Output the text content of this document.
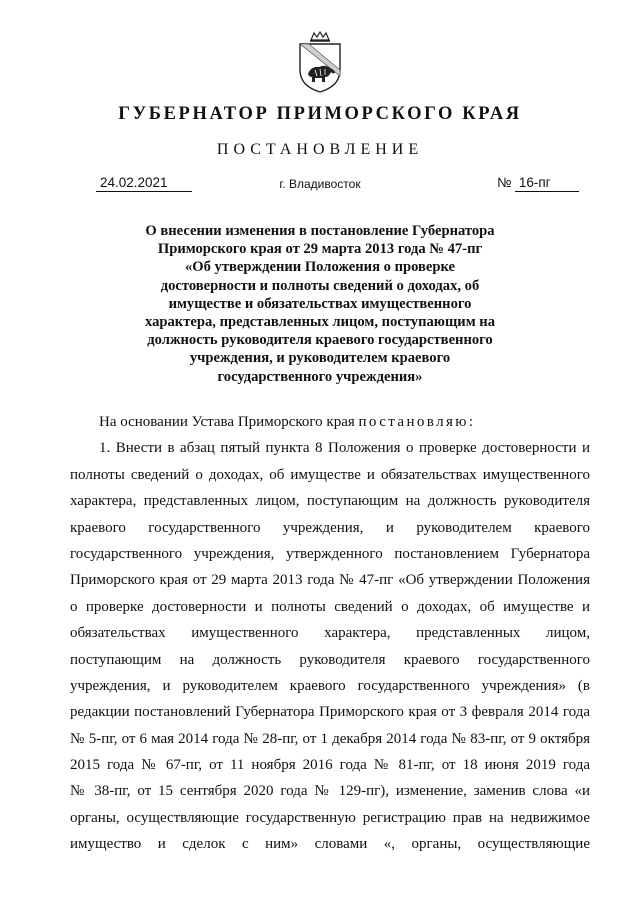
ГУБЕРНАТОР ПРИМОРСКОГО КРАЯ
ПОСТАНОВЛЕНИЕ
24.02.2021	г. Владивосток	№ 16-пг
О внесении изменения в постановление Губернатора
Приморского края от 29 марта 2013 года № 47-пг
«Об утверждении Положения о проверке
достоверности и полноты сведений о доходах, об
имуществе и обязательствах имущественного
характера, представленных лицом, поступающим на
должность руководителя краевого государственного
учреждения, и руководителем краевого
государственного учреждения»
На основании Устава Приморского края постановляю:
1. Внести в абзац пятый пункта 8 Положения о проверке достоверности и
полноты сведений о доходах, об имуществе и обязательствах имущественного
характера, представленных лицом, поступающим на должность руководителя
краевого государственного учреждения, и руководителем краевого
государственного учреждения, утвержденного постановлением Губернатора
Приморского края от 29 марта 2013 года № 47-пг «Об утверждении Положения
о проверке достоверности и полноты сведений о доходах, об имуществе и
обязательствах имущественного характера, представленных лицом,
поступающим на должность руководителя краевого государственного
учреждения, и руководителем краевого государственного учреждения» (в
редакции постановлений Губернатора Приморского края от 3 февраля 2014 года
№ 5-пг, от 6 мая 2014 года № 28-пг, от 1 декабря 2014 года № 83-пг, от 9 октября
2015 года № 67-пг, от 11 ноября 2016 года № 81-пг, от 18 июня 2019 года
№ 38-пг, от 15 сентября 2020 года № 129-пг), изменение, заменив слова «и
органы, осуществляющие государственную регистрацию прав на недвижимое
имущество и сделок с ним» словами «, органы, осуществляющие
